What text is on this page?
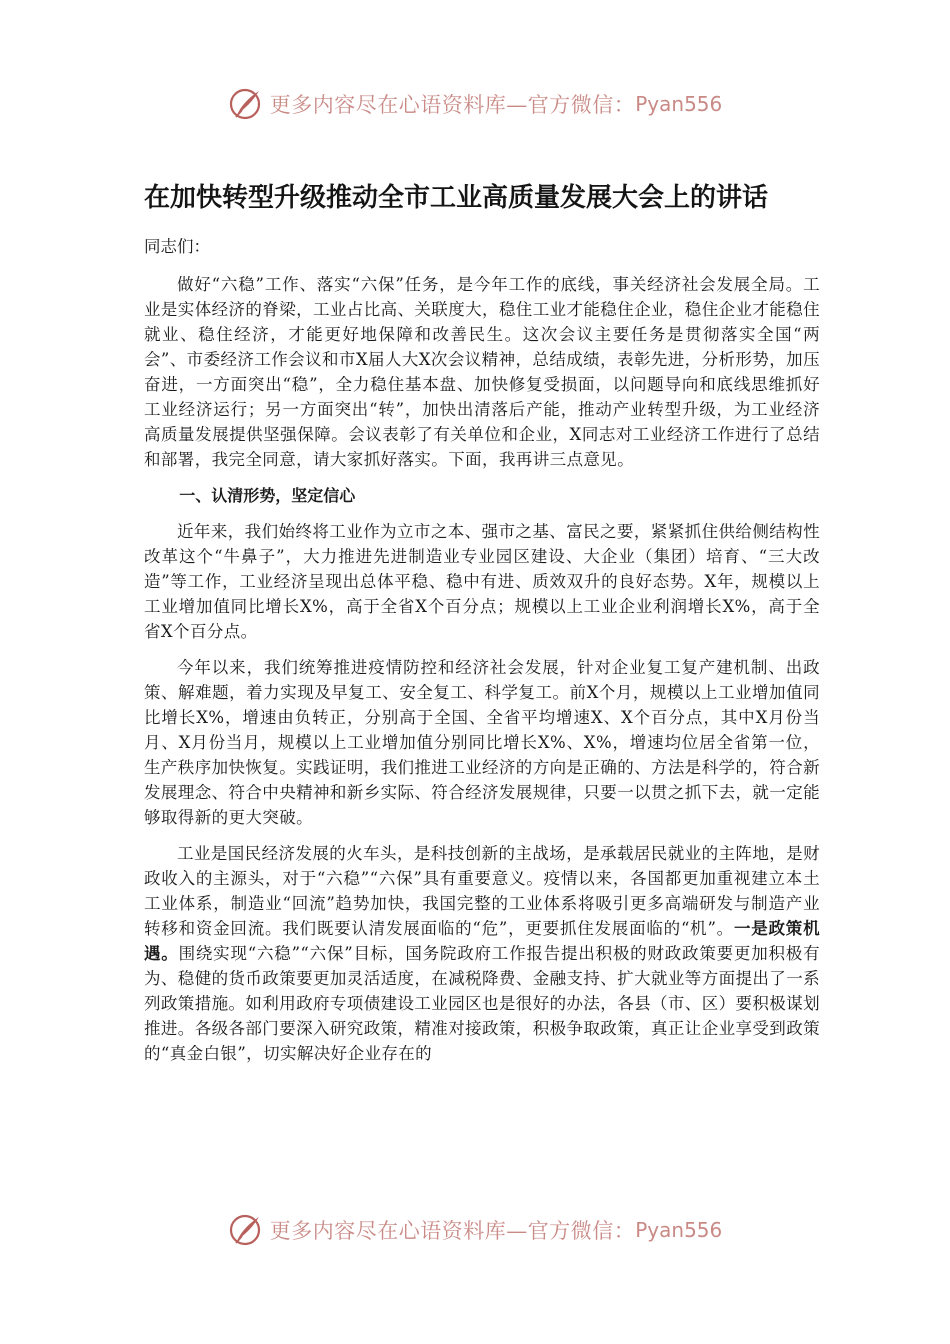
更多内容尽在心语资料库—官方微信： Pyan556
在加快转型升级推动全市工业高质量发展大会上的讲话

同志们：

做好“六稳”工作、落实“六保”任务，是今年工作的底线，事关经济社会发展全局。工业是实体经济的脊梁，工业占比高、关联度大，稳住工业才能稳住企业，稳住企业才能稳住就业、稳住经济，才能更好地保障和改善民生。这次会议主要任务是贯彻落实全国“两会”、市委经济工作会议和市X届人大X次会议精神，总结成绩，表彰先进，分析形势，加压奋进，一方面突出“稳”，全力稳住基本盘、加快修复受损面，以问题导向和底线思维抓好工业经济运行；另一方面突出“转”，加快出清落后产能，推动产业转型升级，为工业经济高质量发展提供坚强保障。会议表彰了有关单位和企业，X同志对工业经济工作进行了总结和部署，我完全同意，请大家抓好落实。下面，我再讲三点意见。

一、认清形势，坚定信心

近年来，我们始终将工业作为立市之本、强市之基、富民之要，紧紧抓住供给侧结构性改革这个“牛鼻子”，大力推进先进制造业专业园区建设、大企业（集团）培育、“三大改造”等工作，工业经济呈现出总体平稳、稳中有进、质效双升的良好态势。X年，规模以上工业增加值同比增长X%，高于全省X个百分点；规模以上工业企业利润增长X%，高于全省X个百分点。

今年以来，我们统筹推进疫情防控和经济社会发展，针对企业复工复产建机制、出政策、解难题，着力实现及早复工、安全复工、科学复工。前X个月，规模以上工业增加值同比增长X%，增速由负转正，分别高于全国、全省平均增速X、X个百分点，其中X月份当月、X月份当月，规模以上工业增加值分别同比增长X%、X%，增速均位居全省第一位，生产秩序加快恢复。实践证明，我们推进工业经济的方向是正确的、方法是科学的，符合新发展理念、符合中央精神和新乡实际、符合经济发展规律，只要一以贯之抓下去，就一定能够取得新的更大突破。

工业是国民经济发展的火车头，是科技创新的主战场，是承载居民就业的主阵地，是财政收入的主源头，对于“六稳”“六保”具有重要意义。疫情以来，各国都更加重视建立本土工业体系，制造业“回流”趋势加快，我国完整的工业体系将吸引更多高端研发与制造产业转移和资金回流。我们既要认清发展面临的“危”，更要抓住发展面临的“机”。一是政策机遇。围绕实现“六稳”“六保”目标，国务院政府工作报告提出积极的财政政策要更加积极有为、稳健的货币政策要更加灵活适度，在减税降费、金融支持、扩大就业等方面提出了一系列政策措施。如利用政府专项债建设工业园区也是很好的办法，各县（市、区）要积极谋划推进。各级各部门要深入研究政策，精准对接政策，积极争取政策，真正让企业享受到政策的“真金白银”，切实解决好企业存在的

更多内容尽在心语资料库—官方微信： Pyan556
